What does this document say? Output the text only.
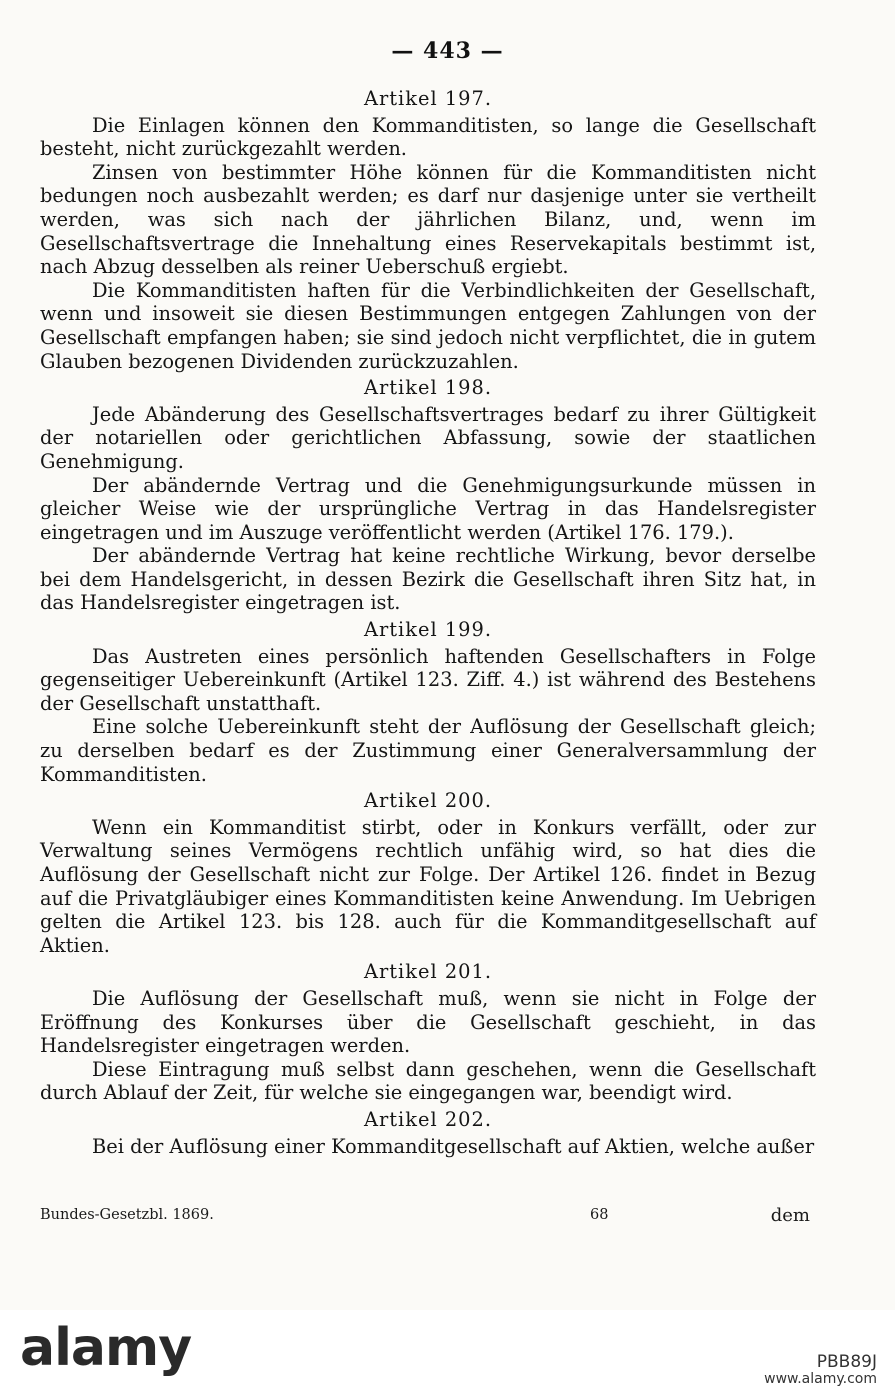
— 443 —
Artikel 197.

Die Einlagen können den Kommanditisten, so lange die Gesellschaft besteht, nicht zurückgezahlt werden.

Zinsen von bestimmter Höhe können für die Kommanditisten nicht bedungen noch ausbezahlt werden; es darf nur dasjenige unter sie vertheilt werden, was sich nach der jährlichen Bilanz, und, wenn im Gesellschaftsvertrage die Innehaltung eines Reservekapitals bestimmt ist, nach Abzug desselben als reiner Ueberschuß ergiebt.

Die Kommanditisten haften für die Verbindlichkeiten der Gesellschaft, wenn und insoweit sie diesen Bestimmungen entgegen Zahlungen von der Gesellschaft empfangen haben; sie sind jedoch nicht verpflichtet, die in gutem Glauben bezogenen Dividenden zurückzuzahlen.

Artikel 198.

Jede Abänderung des Gesellschaftsvertrages bedarf zu ihrer Gültigkeit der notariellen oder gerichtlichen Abfassung, sowie der staatlichen Genehmigung.

Der abändernde Vertrag und die Genehmigungsurkunde müssen in gleicher Weise wie der ursprüngliche Vertrag in das Handelsregister eingetragen und im Auszuge veröffentlicht werden (Artikel 176. 179.).

Der abändernde Vertrag hat keine rechtliche Wirkung, bevor derselbe bei dem Handelsgericht, in dessen Bezirk die Gesellschaft ihren Sitz hat, in das Handelsregister eingetragen ist.

Artikel 199.

Das Austreten eines persönlich haftenden Gesellschafters in Folge gegenseitiger Uebereinkunft (Artikel 123. Ziff. 4.) ist während des Bestehens der Gesellschaft unstatthaft.

Eine solche Uebereinkunft steht der Auflösung der Gesellschaft gleich; zu derselben bedarf es der Zustimmung einer Generalversammlung der Kommanditisten.

Artikel 200.

Wenn ein Kommanditist stirbt, oder in Konkurs verfällt, oder zur Verwaltung seines Vermögens rechtlich unfähig wird, so hat dies die Auflösung der Gesellschaft nicht zur Folge. Der Artikel 126. findet in Bezug auf die Privatgläubiger eines Kommanditisten keine Anwendung. Im Uebrigen gelten die Artikel 123. bis 128. auch für die Kommanditgesellschaft auf Aktien.

Artikel 201.

Die Auflösung der Gesellschaft muß, wenn sie nicht in Folge der Eröffnung des Konkurses über die Gesellschaft geschieht, in das Handelsregister eingetragen werden.

Diese Eintragung muß selbst dann geschehen, wenn die Gesellschaft durch Ablauf der Zeit, für welche sie eingegangen war, beendigt wird.

Artikel 202.

Bei der Auflösung einer Kommanditgesellschaft auf Aktien, welche außer

Bundes-Gesetzbl. 1869.	68	dem
alamy	PBB89J
www.alamy.com
